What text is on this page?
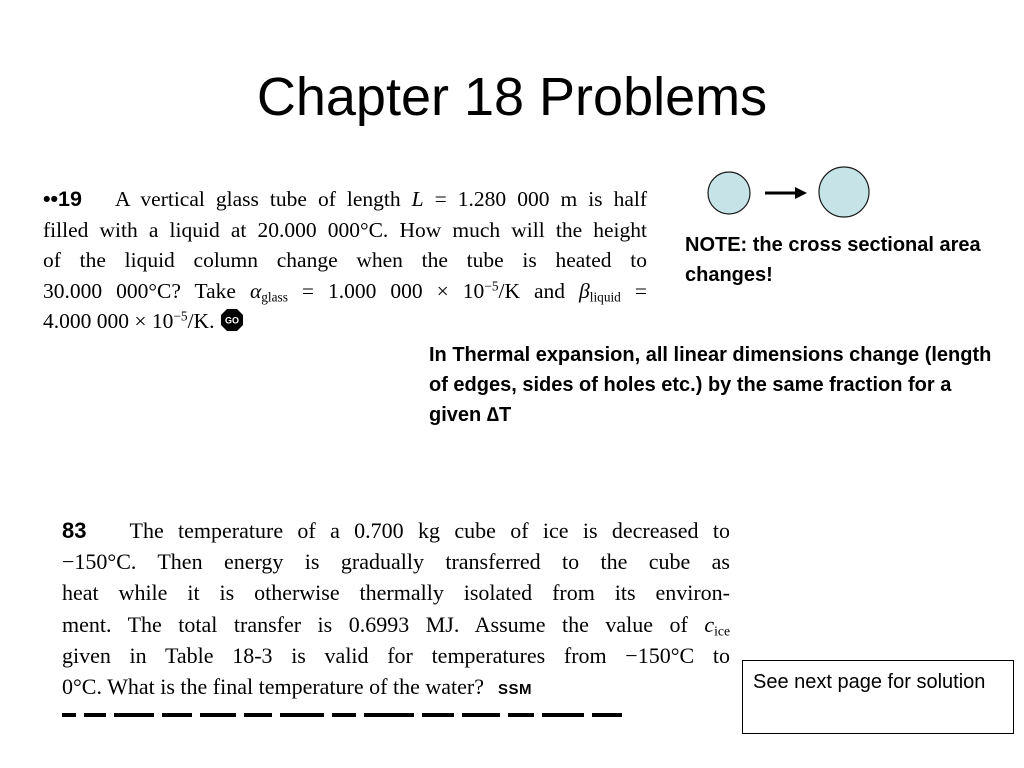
Chapter 18 Problems
••19 A vertical glass tube of length L = 1.280 000 m is half
filled with a liquid at 20.000 000°C. How much will the height
of the liquid column change when the tube is heated to
30.000 000°C? Take $\alpha_{glass} = 1.000$ $000 \times 10^{-5}/K$ and $\beta_{liquid}$ =
4.000 $000 \times 10^{-5}/K$. GO
NOTE: the cross sectional area changes!
In Thermal expansion, all linear dimensions change (length of edges, sides of holes etc.) by the same fraction for a given ∆T
83 The temperature of a 0.700 kg cube of ice is decreased to
−150°C. Then energy is gradually transferred to the cube as
heat while it is otherwise thermally isolated from its environ-
ment. The total transfer is 0.6993 MJ. Assume the value of $c_{ice}$
given in Table 18-3 is valid for temperatures from −150°C to
0°C. What is the final temperature of the water? SSM	See next page for solution
